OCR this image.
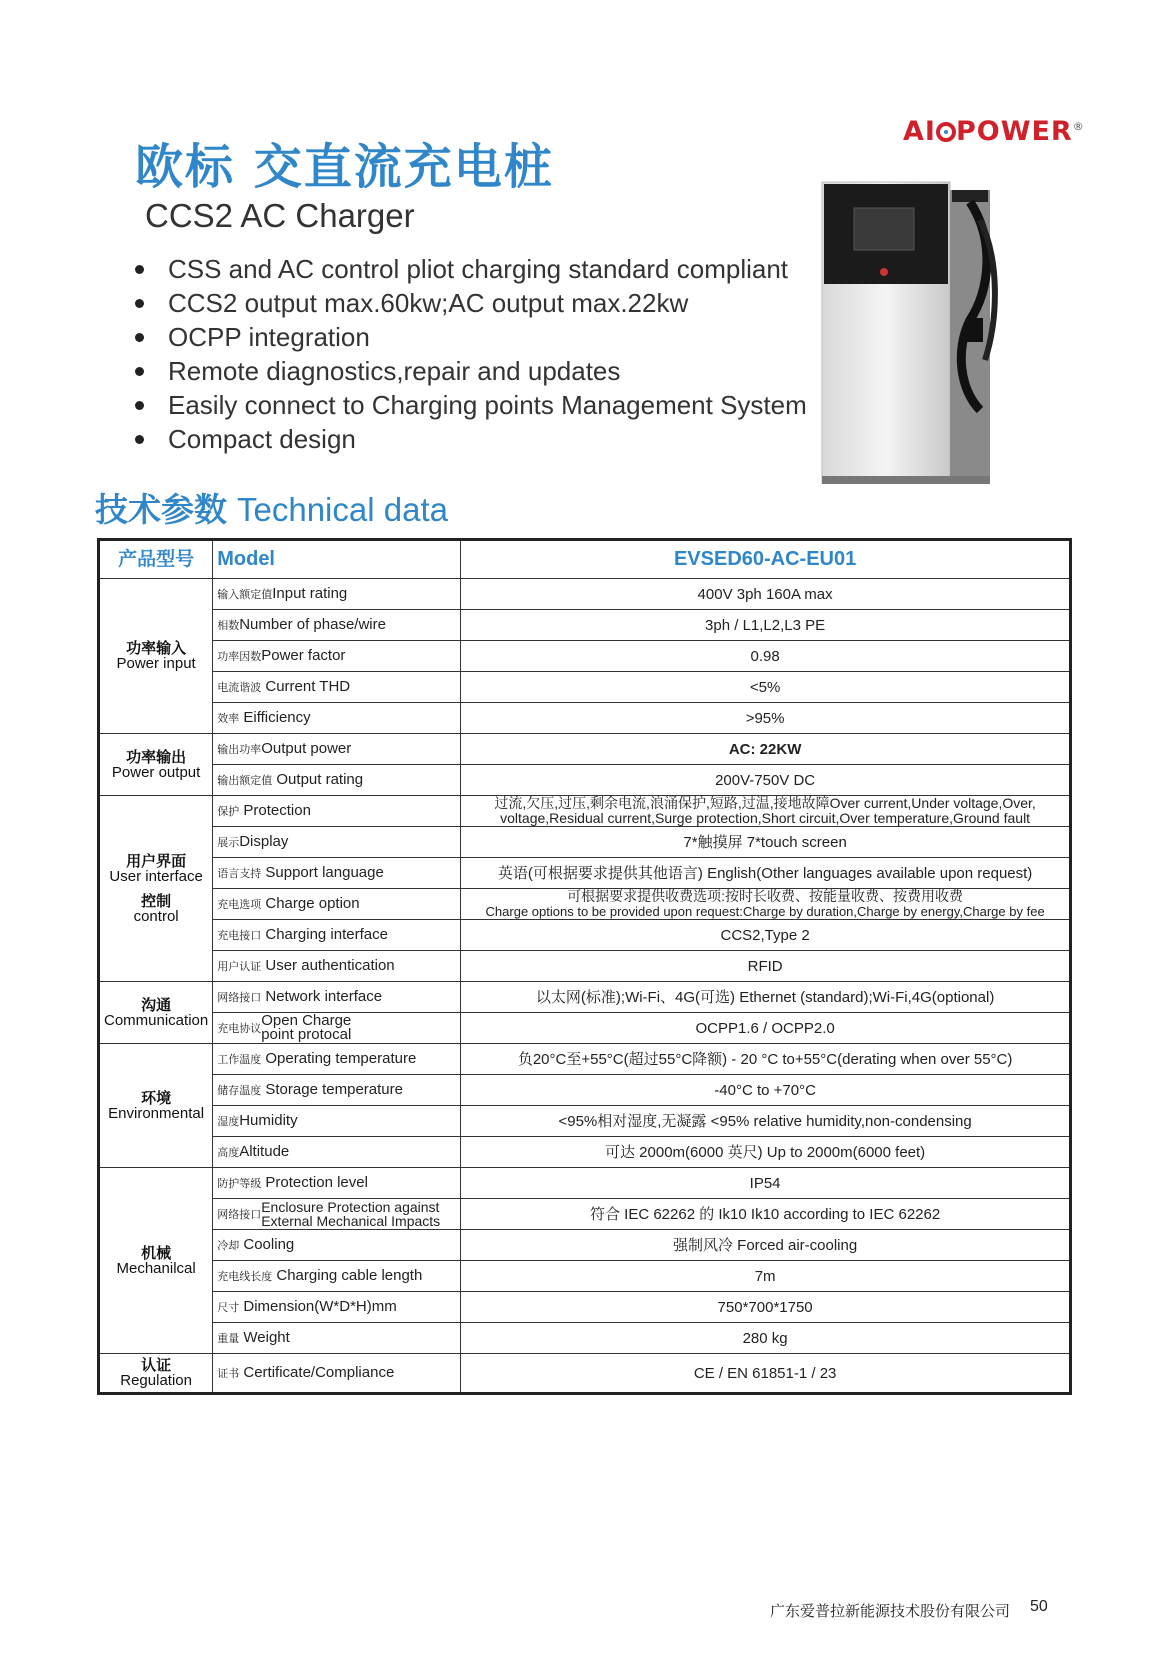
欧标 交直流充电桩
CCS2 AC Charger
AI POWER®
CSS and AC control pliot charging standard compliant
CCS2 output max.60kw;AC output max.22kw
OCPP integration
Remote diagnostics,repair and updates
Easily connect to Charging points Management System
Compact design
技术参数 Technical data
产品型号	Model	EVSED60-AC-EU01

功率输入
Power input	输入额定值Input rating	400V 3ph 160A max
	相数Number of phase/wire	3ph / L1,L2,L3 PE
	功率因数Power factor	0.98
	电流谐波 Current THD	<5%
	效率 Eifficiency	>95%

功率输出
Power output	输出功率Output power	AC: 22KW
	输出额定值 Output rating	200V-750V DC

用户界面
User interface
控制
control	保护 Protection	过流,欠压,过压,剩余电流,浪涌保护,短路,过温,接地故障Over current,Under voltage,Over,
voltage,Residual current,Surge protection,Short circuit,Over temperature,Ground fault

	展示Display	7*触摸屏 7*touch screen
	语言支持 Support language	英语(可根据要求提供其他语言) English(Other languages available upon request)
	充电选项 Charge option	可根据要求提供收费选项:按时长收费、按能量收费、按费用收费
Charge options to be provided upon request:Charge by duration,Charge by energy,Charge by fee

	充电接口 Charging interface	CCS2,Type 2
	用户认证 User authentication	RFID

沟通
Communication	网络接口 Network interface	以太网(标准);Wi-Fi、4G(可选) Ethernet (standard);Wi-Fi,4G(optional)
	充电协议Open Charge
point protocal	OCPP1.6 / OCPP2.0

环境
Environmental	工作温度 Operating temperature	负20°C至+55°C(超过55°C降额) - 20 °C to+55°C(derating when over 55°C)
	储存温度 Storage temperature	-40°C to +70°C
	湿度Humidity	<95%相对湿度,无凝露 <95% relative humidity,non-condensing
	高度Altitude	可达 2000m(6000 英尺) Up to 2000m(6000 feet)

机械
Mechanilcal	防护等级 Protection level	IP54
	网络接口Enclosure Protection against
External Mechanical Impacts	符合 IEC 62262 的 Ik10 Ik10 according to IEC 62262
	冷却 Cooling	强制风冷 Forced air-cooling
	充电线长度 Charging cable length	7m
	尺寸 Dimension(W*D*H)mm	750*700*1750
	重量 Weight	280 kg

认证
Regulation	证书 Certificate/Compliance	CE / EN 61851-1 / 23
广东爱普拉新能源技术股份有限公司 50
